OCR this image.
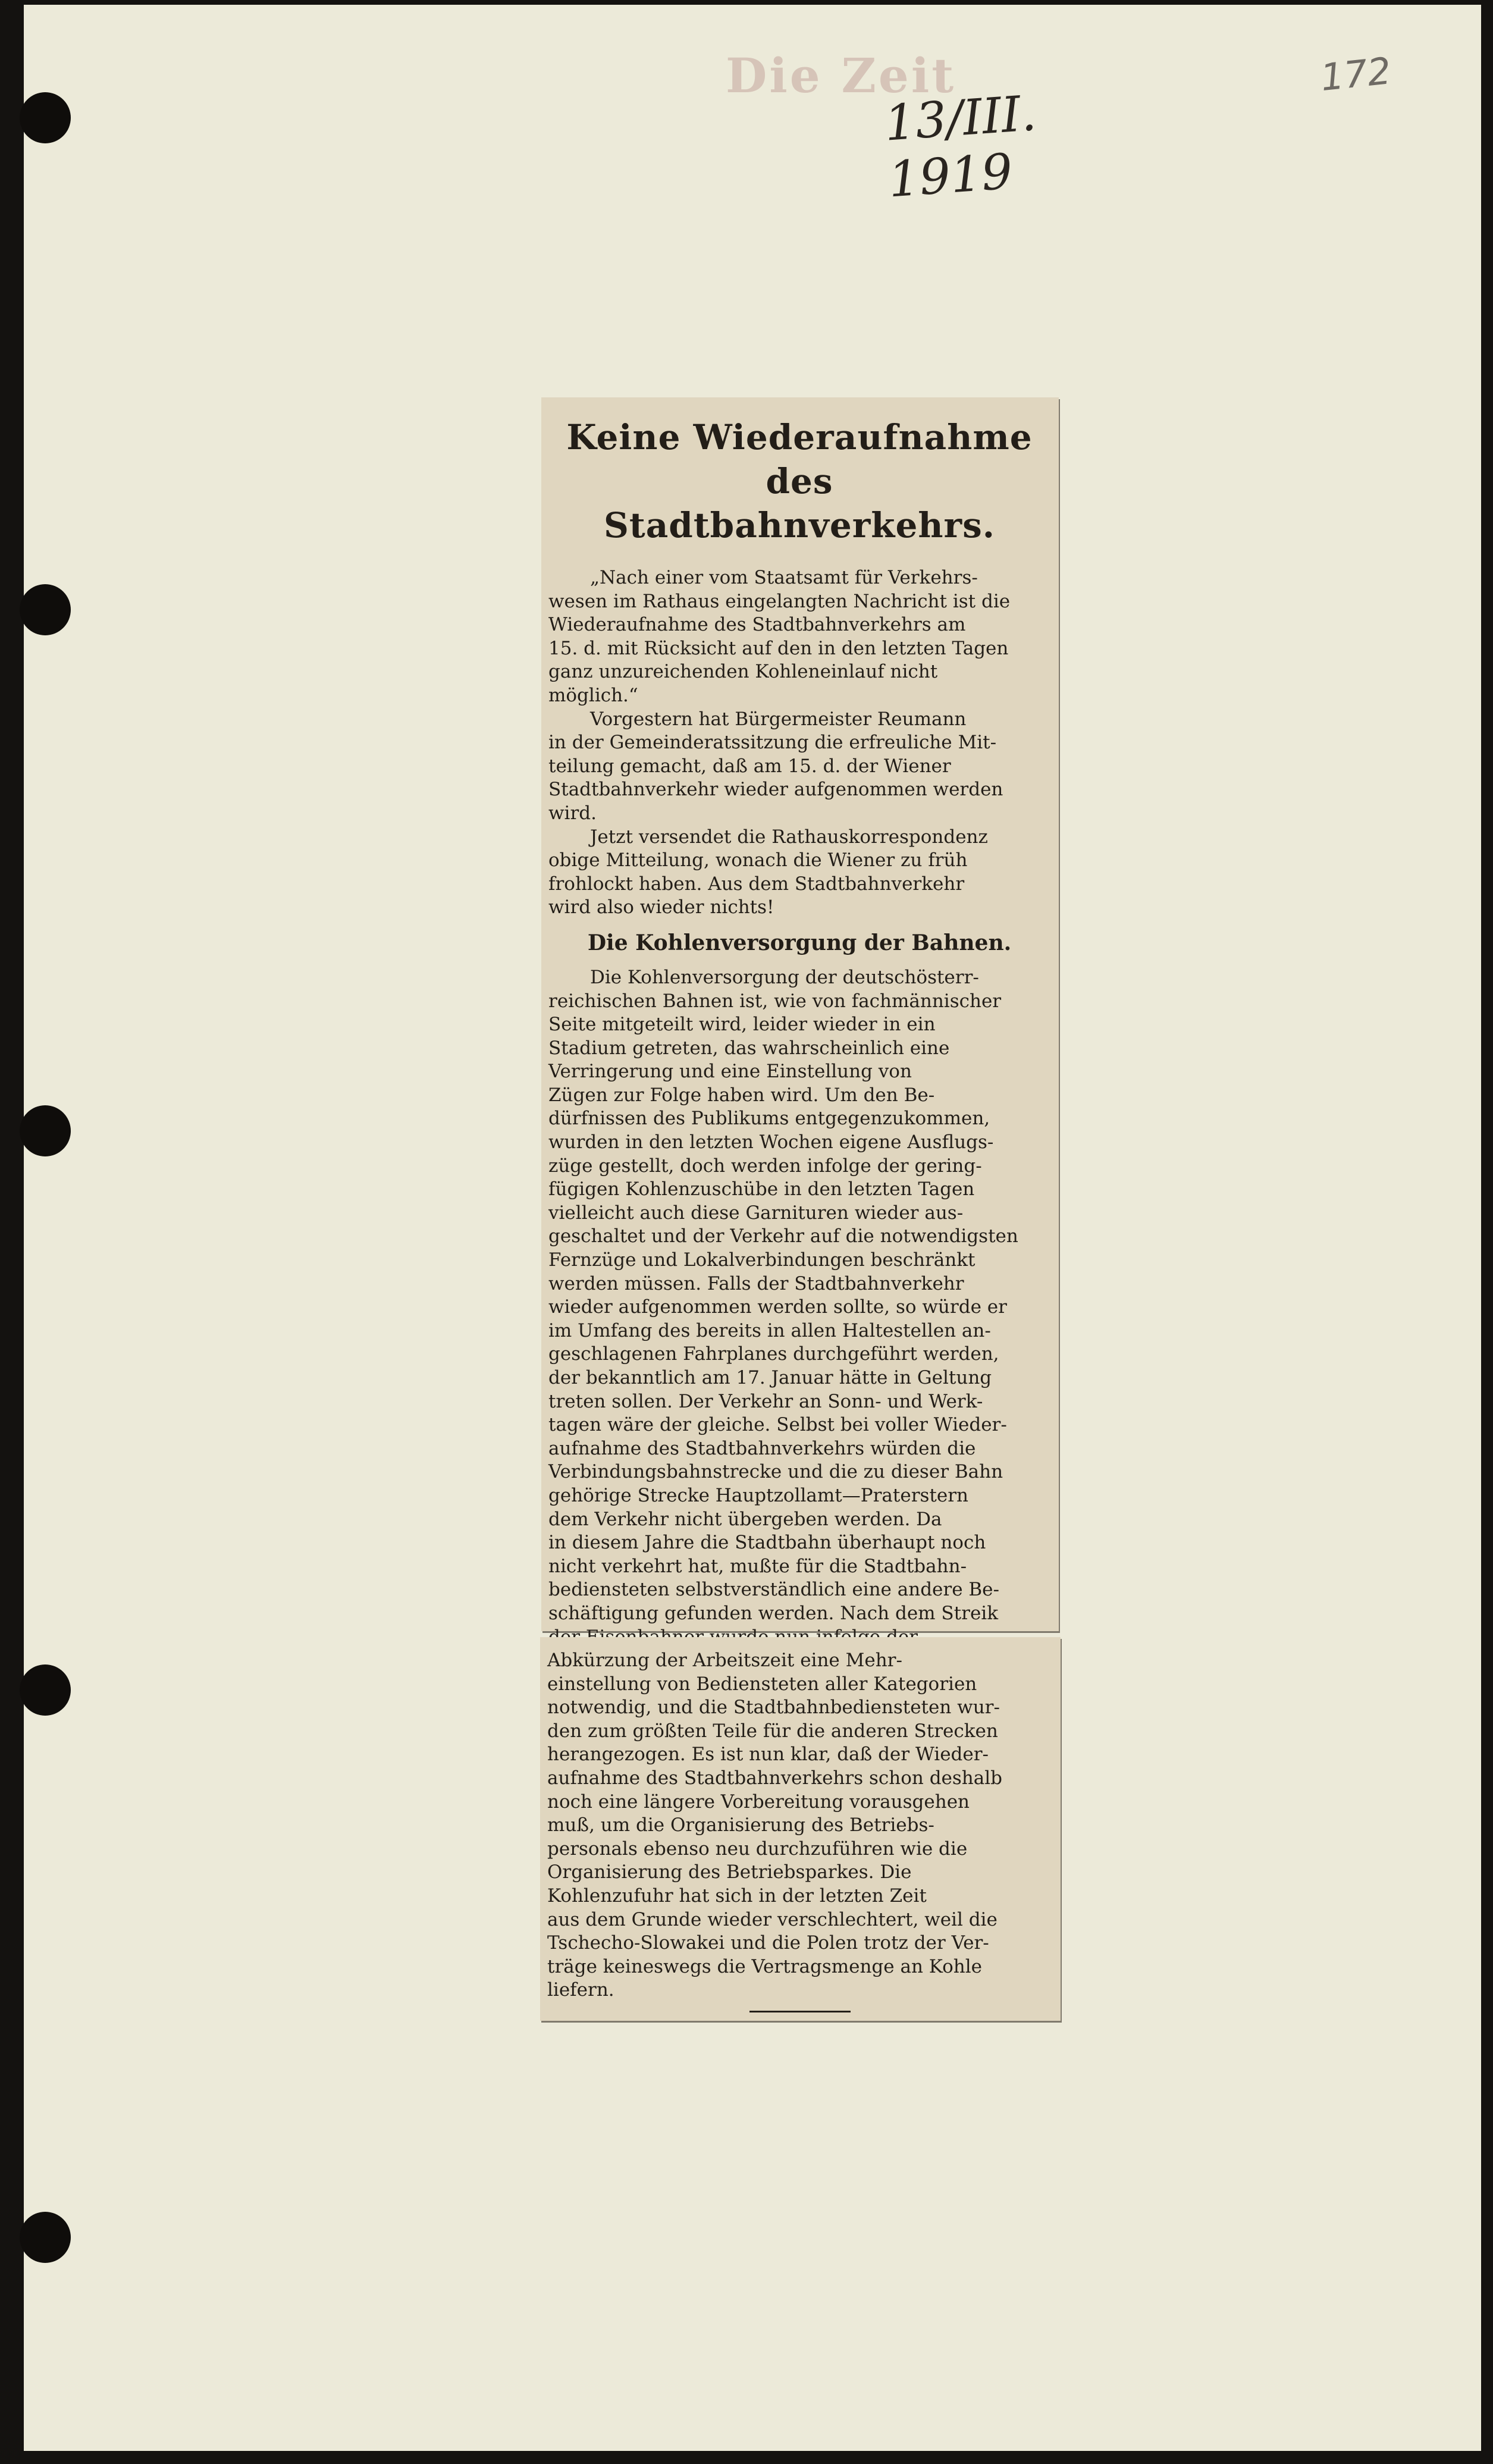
Die Zeit
13/III. 1919
172
Keine Wiederaufnahme des
Stadtbahnverkehrs.
„Nach einer vom Staatsamt für Verkehrs-
wesen im Rathaus eingelangten Nachricht ist die
Wiederaufnahme des Stadtbahnverkehrs am
15. d. mit Rücksicht auf den in den letzten Tagen
ganz unzureichenden Kohleneinlauf nicht
möglich.“
Vorgestern hat Bürgermeister Reumann
in der Gemeinderatssitzung die erfreuliche Mit-
teilung gemacht, daß am 15. d. der Wiener
Stadtbahnverkehr wieder aufgenommen werden
wird.
Jetzt versendet die Rathauskorrespondenz
obige Mitteilung, wonach die Wiener zu früh
frohlockt haben. Aus dem Stadtbahnverkehr
wird also wieder nichts!
Die Kohlenversorgung der Bahnen.
Die Kohlenversorgung der deutschösterr-
reichischen Bahnen ist, wie von fachmännischer
Seite mitgeteilt wird, leider wieder in ein
Stadium getreten, das wahrscheinlich eine
Verringerung und eine Einstellung von
Zügen zur Folge haben wird. Um den Be-
dürfnissen des Publikums entgegenzukommen,
wurden in den letzten Wochen eigene Ausflugs-
züge gestellt, doch werden infolge der gering-
fügigen Kohlenzuschübe in den letzten Tagen
vielleicht auch diese Garnituren wieder aus-
geschaltet und der Verkehr auf die notwendigsten
Fernzüge und Lokalverbindungen beschränkt
werden müssen. Falls der Stadtbahnverkehr
wieder aufgenommen werden sollte, so würde er
im Umfang des bereits in allen Haltestellen an-
geschlagenen Fahrplanes durchgeführt werden,
der bekanntlich am 17. Januar hätte in Geltung
treten sollen. Der Verkehr an Sonn- und Werk-
tagen wäre der gleiche. Selbst bei voller Wieder-
aufnahme des Stadtbahnverkehrs würden die
Verbindungsbahnstrecke und die zu dieser Bahn
gehörige Strecke Hauptzollamt—Praterstern
dem Verkehr nicht übergeben werden. Da
in diesem Jahre die Stadtbahn überhaupt noch
nicht verkehrt hat, mußte für die Stadtbahn-
bediensteten selbstverständlich eine andere Be-
schäftigung gefunden werden. Nach dem Streik
Abkürzung der Arbeitszeit eine Mehr-
einstellung von Bediensteten aller Kategorien
notwendig, und die Stadtbahnbediensteten wur-
den zum größten Teile für die anderen Strecken
herangezogen. Es ist nun klar, daß der Wieder-
aufnahme des Stadtbahnverkehrs schon deshalb
noch eine längere Vorbereitung vorausgehen
muß, um die Organisierung des Betriebs-
personals ebenso neu durchzuführen wie die
Organisierung des Betriebsparkes. Die
Kohlenzufuhr hat sich in der letzten Zeit
aus dem Grunde wieder verschlechtert, weil die
Tschecho-Slowakei und die Polen trotz der Ver-
träge keineswegs die Vertragsmenge an Kohle
liefern.
